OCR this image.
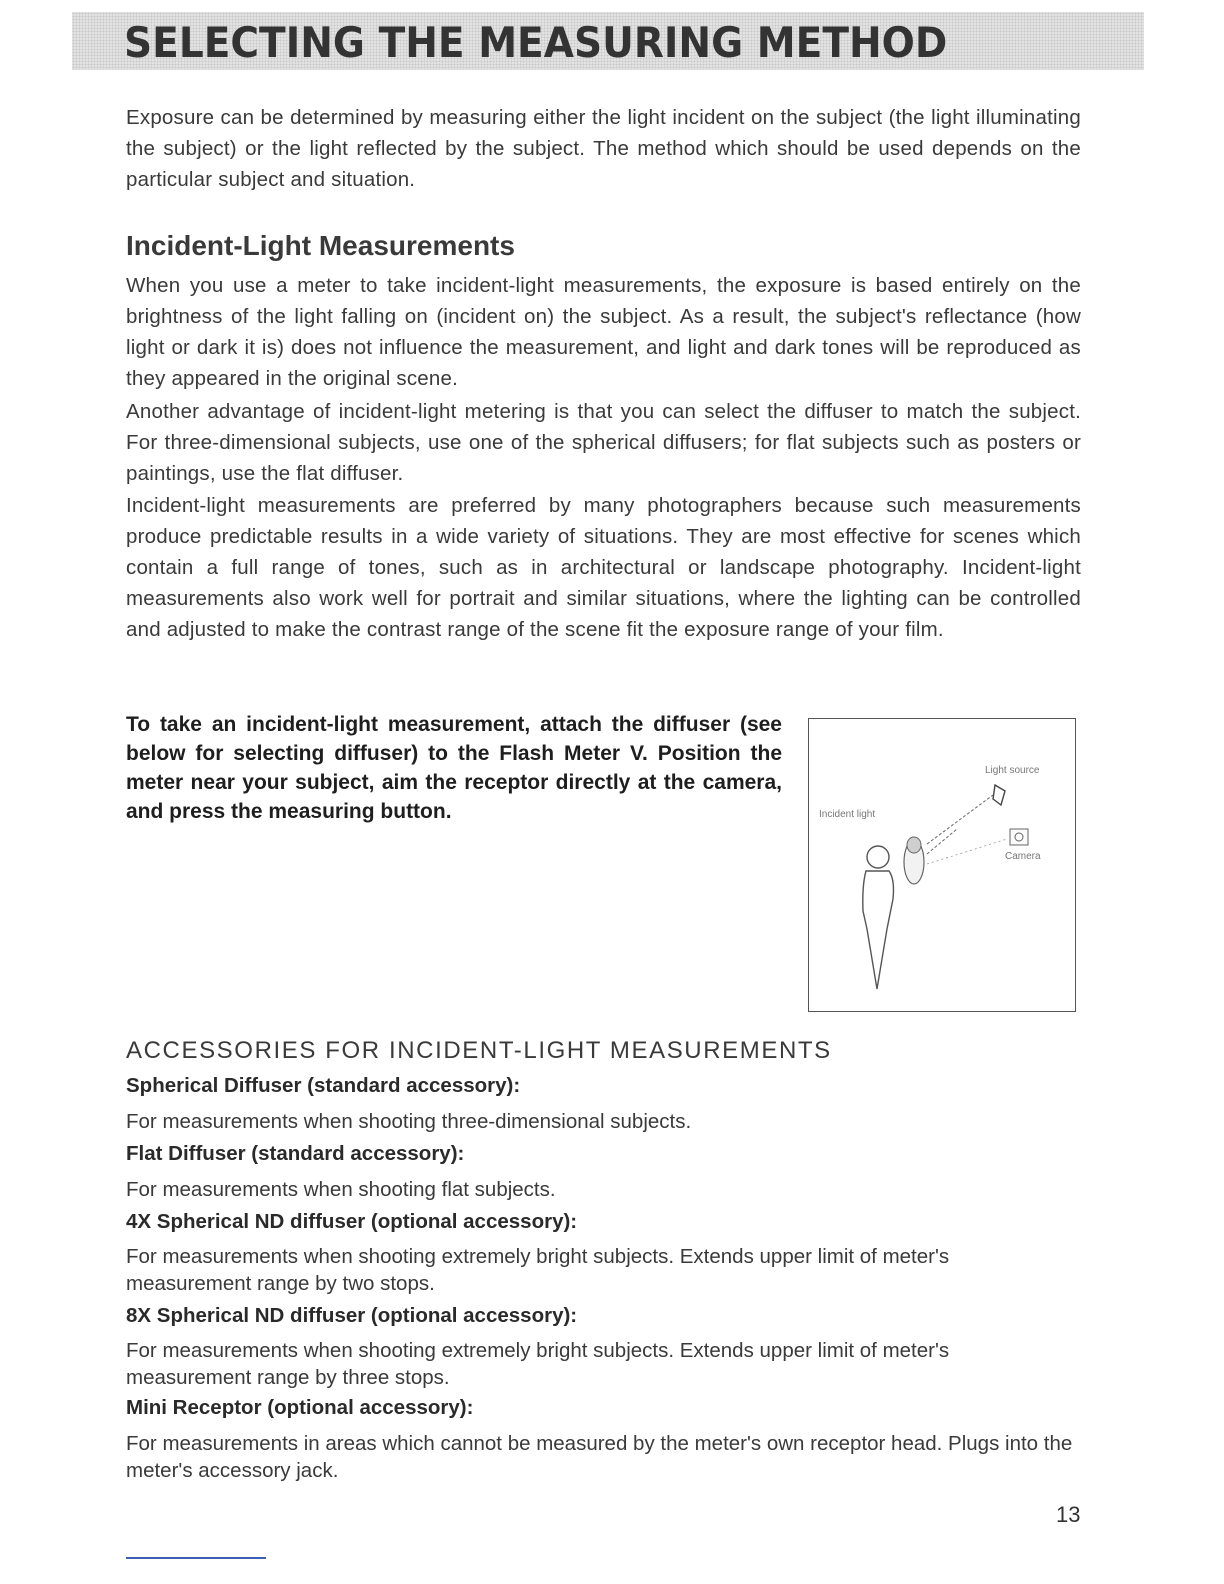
SELECTING THE MEASURING METHOD

Exposure can be determined by measuring either the light incident on the subject (the light illuminating the subject) or the light reflected by the subject. The method which should be used depends on the particular subject and situation.

Incident-Light Measurements

When you use a meter to take incident-light measurements, the exposure is based entirely on the brightness of the light falling on (incident on) the subject. As a result, the subject's reflectance (how light or dark it is) does not influence the measurement, and light and dark tones will be reproduced as they appeared in the original scene.

Another advantage of incident-light metering is that you can select the diffuser to match the subject. For three-dimensional subjects, use one of the spherical diffusers; for flat subjects such as posters or paintings, use the flat diffuser.

Incident-light measurements are preferred by many photographers because such measurements produce predictable results in a wide variety of situations. They are most effective for scenes which contain a full range of tones, such as in architectural or landscape photography. Incident-light measurements also work well for portrait and similar situations, where the lighting can be controlled and adjusted to make the contrast range of the scene fit the exposure range of your film.

To take an incident-light measurement, attach the diffuser (see below for selecting diffuser) to the Flash Meter V. Position the meter near your subject, aim the receptor directly at the camera, and press the measuring button.

Light source
Incident light
Camera
ACCESSORIES FOR INCIDENT-LIGHT MEASUREMENTS

Spherical Diffuser (standard accessory):

For measurements when shooting three-dimensional subjects.

Flat Diffuser (standard accessory):

For measurements when shooting flat subjects.

4X Spherical ND diffuser (optional accessory):

For measurements when shooting extremely bright subjects. Extends upper limit of meter's measurement range by two stops.

8X Spherical ND diffuser (optional accessory):

For measurements when shooting extremely bright subjects. Extends upper limit of meter's measurement range by three stops.

Mini Receptor (optional accessory):

For measurements in areas which cannot be measured by the meter's own receptor head. Plugs into the meter's accessory jack.

13
